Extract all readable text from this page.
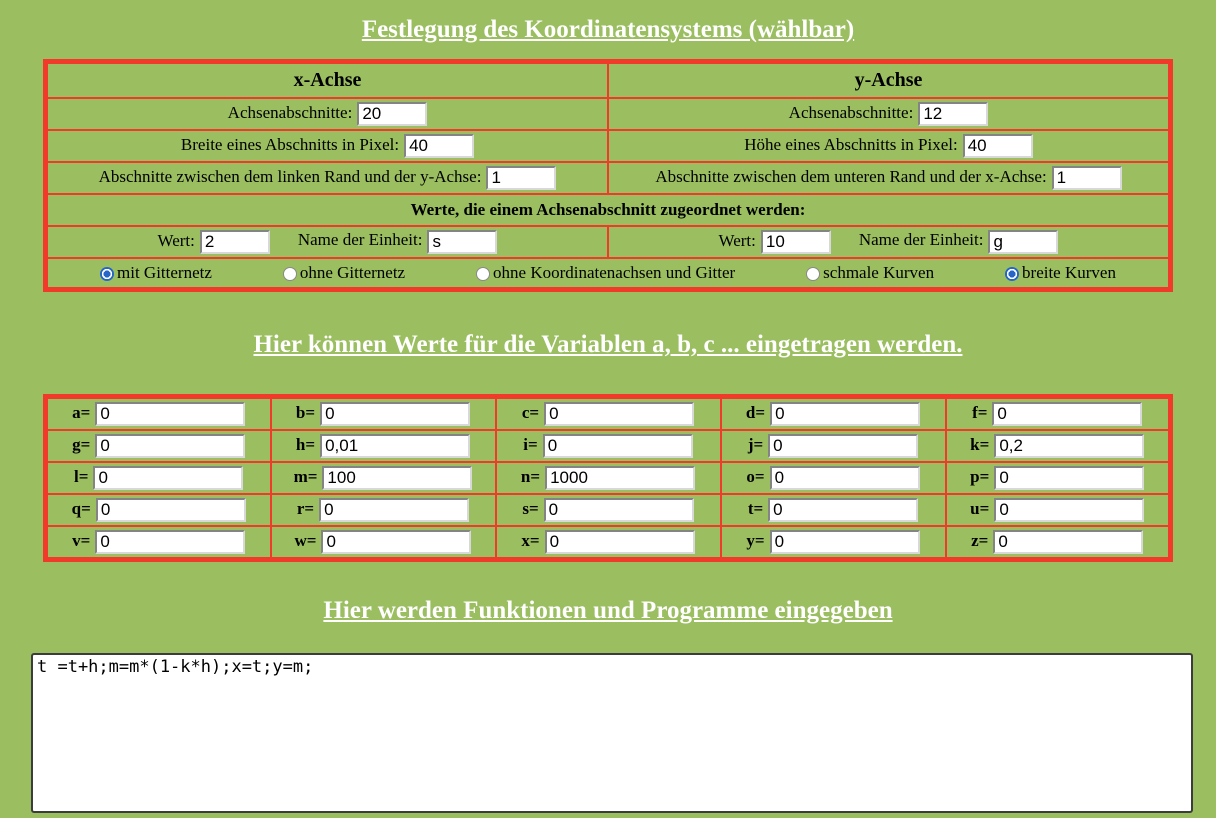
Festlegung des Koordinatensystems (wählbar)
x-Achse	y-Achse
Achsenabschnitte:20	Achsenabschnitte:12
Breite eines Abschnitts in Pixel:40	Höhe eines Abschnitts in Pixel:40
Abschnitte zwischen dem linken Rand und der y-Achse:1	Abschnitte zwischen dem unteren Rand und der x-Achse:1
Werte, die einem Achsenabschnitt zugeordnet werden:	
Wert:2 Name der Einheit:s	Wert:10 Name der Einheit:g

mit Gitternetz ohne Gitternetz ohne Koordinatenachsen und Gitter schmale Kurven breite Kurven	
Hier können Werte für die Variablen a, b, c ... eingetragen werden.
a=0	b=0	c=0	d=0	f=0
g=0	h=0,01	i=0	j=0	k=0,2
l=0	m=100	n=1000	o=0	p=0
q=0	r=0	s=0	t=0	u=0
v=0	w=0	x=0	y=0	z=0
Hier werden Funktionen und Programme eingegeben
t =t+h;m=m*(1-k*h);x=t;y=m;
